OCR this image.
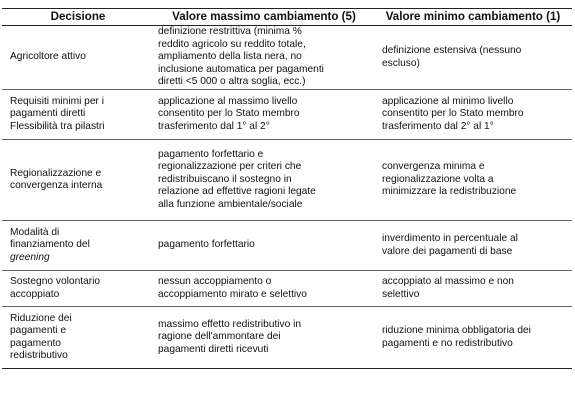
Decisione	Valore massimo cambiamento (5)	Valore minimo cambiamento (1)

Agricoltore attivo	definizione restrittiva (minima %
reddito agricolo su reddito totale,
ampliamento della lista nera, no
inclusione automatica per pagamenti
diretti <5 000 o altra soglia, ecc.)	definizione estensiva (nessuno
escluso)

Requisiti minimi per i
pagamenti diretti
Flessibilità tra pilastri	applicazione al massimo livello
consentito per lo Stato membro
trasferimento dal 1° al 2°	applicazione al minimo livello
consentito per lo Stato membro
trasferimento dal 2° al 1°

Regionalizzazione e
convergenza interna	pagamento forfettario e
regionalizzazione per criteri che
redistribuiscano il sostegno in
relazione ad effettive ragioni legate
alla funzione ambientale/sociale	convergenza minima e
regionalizzazione volta a
minimizzare la redistribuzione

Modalità di
finanziamento del
greening	pagamento forfettario	inverdimento in percentuale al
valore dei pagamenti di base

Sostegno volontario
accoppiato	nessun accoppiamento o
accoppiamento mirato e selettivo	accoppiato al massimo e non
selettivo

Riduzione dei
pagamenti e
pagamento
redistributivo	massimo effetto redistributivo in
ragione dell'ammontare dei
pagamenti diretti ricevuti	riduzione minima obbligatoria dei
pagamenti e no redistributivo
